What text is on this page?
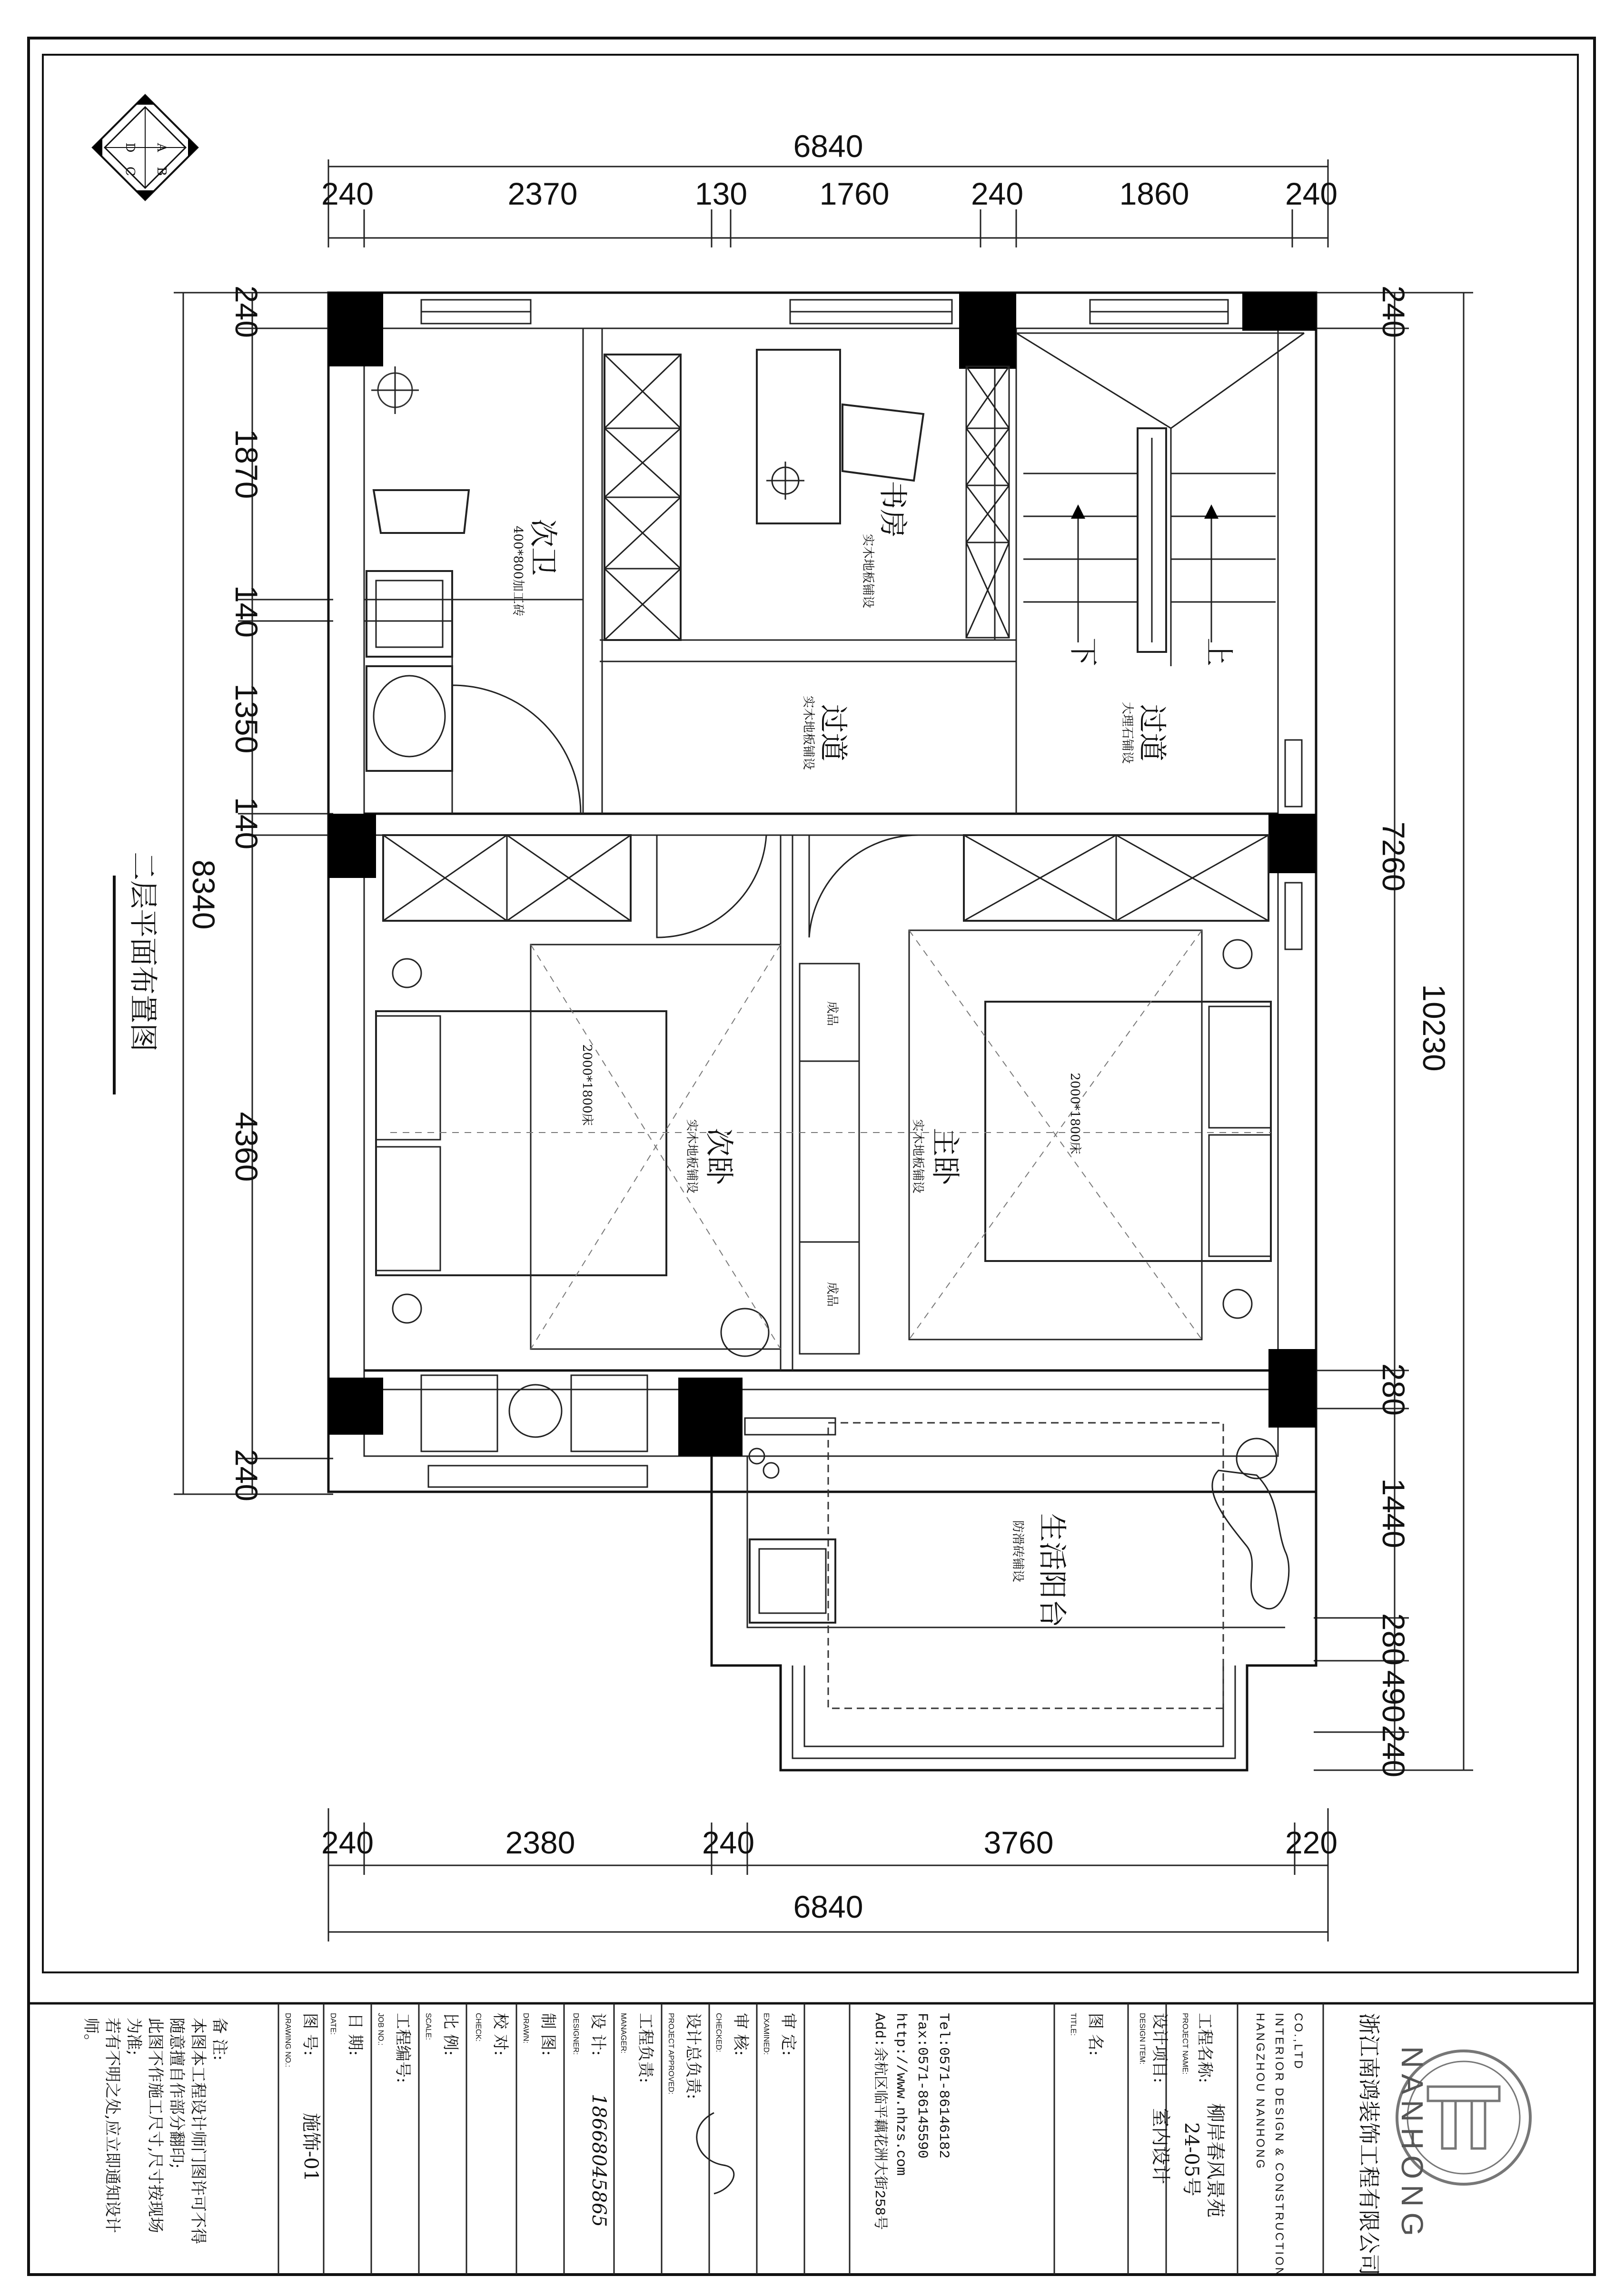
A
B
C
D
二层平面布置图
6840
240	2370	130 1760	240	1860	240
240	2380	240	3760	220
6840
240
1870
140
1350
140
4360
240
8340
240
7260
280
1440
280
490
240
10230
次卫
400*800加工砖
书房
实木地板铺设
过道
实木地板铺设	过道
大理石铺设
次卧
实木地板铺设
2000*1800床
主卧
实木地板铺设
2000*1800床
生活阳台
防滑砖铺设
下	上
成品
成品
备 注:
本图本工程设计师门图许可不得
随意擅自作部分翻印;
此图不作施工尺寸,尺寸按现场
为准;
若有不明之处,应立即通知设计
师。	图 号:
DRAWING NO.:
施饰-01
日 期:
DATE:	工程编号:
JOB NO.:	比 例:
SCALE:	校 对:
CHECK:	制 图:
DRAWN:	设 计:
DESIGNER:
18668045865
工程负责:
MANAGER:	设计总负责:
PROJECT APPROVED:	审 核:
CHECKED:	审 定:
EXAMINED:	Tel:0571-86146182
Fax:0571-86145590
http://www.nhzs.com
Add:余杭区临平藕花洲大街258号	图 名:
TITLE:	设计项目:
DESIGN ITEM:
室内设计
工程名称:
PROJECT NAME:
柳岸春风景苑
24-05号	INTERIOR DESIGN & CONSTRUCTION
HANGZHOU NANHONG CO.,LTD 浙江南鸿装饰工程有限公司 NANHONG
